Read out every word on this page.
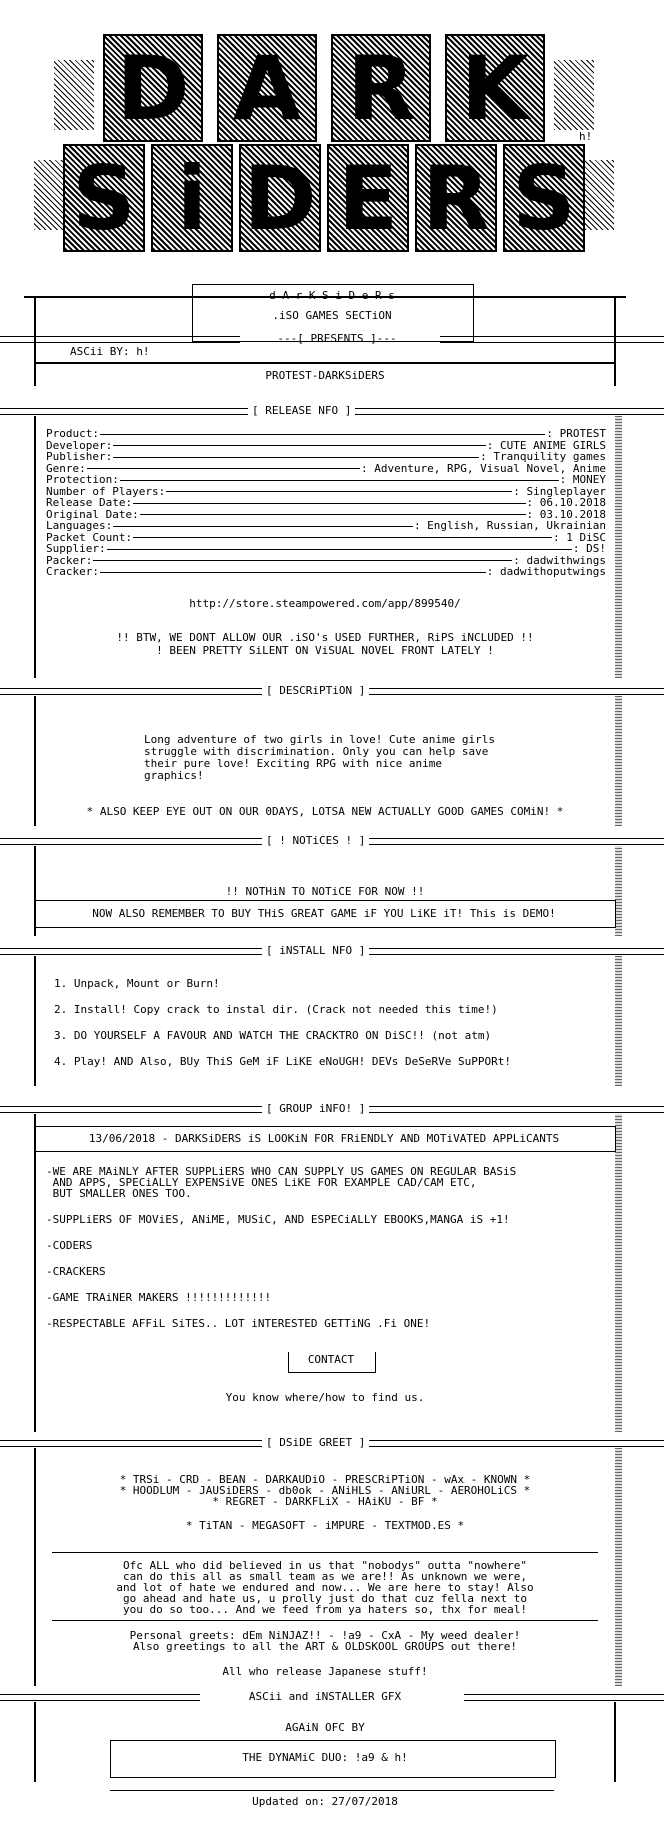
D A R K
S i D E R S
h!
d A r K S i D e R s
.iSO GAMES SECTiON
---[ PRESENTS ]---
ASCii BY: h!
PROTEST-DARKSiDERS
[ RELEASE NFO ]
Product:	: PROTEST
Developer:	: CUTE ANIME GIRLS
Publisher:	: Tranquility games
Genre:	: Adventure, RPG, Visual Novel, Anime
Protection:	: MONEY
Number of Players:	: Singleplayer
Release Date:	: 06.10.2018
Original Date:	: 03.10.2018
Languages:	: English, Russian, Ukrainian
Packet Count:	: 1 DiSC
Supplier:	: DS!
Packer:	: dadwithwings
Cracker:	: dadwithoputwings
http://store.steampowered.com/app/899540/
!! BTW, WE DONT ALLOW OUR .iSO's USED FURTHER, RiPS iNCLUDED !!
! BEEN PRETTY SiLENT ON ViSUAL NOVEL FRONT LATELY !
[ DESCRiPTiON ]
Long adventure of two girls in love! Cute anime girls
struggle with discrimination. Only you can help save
their pure love! Exciting RPG with nice anime
graphics!
* ALSO KEEP EYE OUT ON OUR 0DAYS, LOTSA NEW ACTUALLY GOOD GAMES COMiN! *
[ ! NOTiCES ! ]
!! NOTHiN TO NOTiCE FOR NOW !!
NOW ALSO REMEMBER TO BUY THiS GREAT GAME iF YOU LiKE iT! This is DEMO!
[ iNSTALL NFO ]
1. Unpack, Mount or Burn!
2. Install! Copy crack to instal dir. (Crack not needed this time!)
3. DO YOURSELF A FAVOUR AND WATCH THE CRACKTRO ON DiSC!! (not atm)
4. Play! AND Also, BUy ThiS GeM iF LiKE eNoUGH! DEVs DeSeRVe SuPPORt!
[ GROUP iNFO! ]
13/06/2018 - DARKSiDERS iS LOOKiN FOR FRiENDLY AND MOTiVATED APPLiCANTS
-WE ARE MAiNLY AFTER SUPPLiERS WHO CAN SUPPLY US GAMES ON REGULAR BASiS
AND APPS, SPECiALLY EXPENSiVE ONES LiKE FOR EXAMPLE CAD/CAM ETC,
BUT SMALLER ONES TOO.
-SUPPLiERS OF MOViES, ANiME, MUSiC, AND ESPECiALLY EBOOKS,MANGA iS +1!
-CODERS
-CRACKERS
-GAME TRAiNER MAKERS !!!!!!!!!!!!!
-RESPECTABLE AFFiL SiTES.. LOT iNTERESTED GETTiNG .Fi ONE!
CONTACT
You know where/how to find us.
[ DSiDE GREET ]
* TRSi - CRD - BEAN - DARKAUDiO - PRESCRiPTiON - wAx - KNOWN *
* HOODLUM - JAUSiDERS - db0ok - ANiHLS - ANiURL - AEROHOLiCS *
* REGRET - DARKFLiX - HAiKU - BF *
* TiTAN - MEGASOFT - iMPURE - TEXTMOD.ES *
Ofc ALL who did believed in us that "nobodys" outta "nowhere"
can do this all as small team as we are!! As unknown we were,
and lot of hate we endured and now... We are here to stay! Also
go ahead and hate us, u prolly just do that cuz fella next to
you do so too... And we feed from ya haters so, thx for meal!
Personal greets: dEm NiNJAZ!! - !a9 - CxA - My weed dealer!
Also greetings to all the ART & OLDSKOOL GROUPS out there!
All who release Japanese stuff!
ASCii and iNSTALLER GFX
AGAiN OFC BY
THE DYNAMiC DUO: !a9 & h!
Updated on: 27/07/2018
